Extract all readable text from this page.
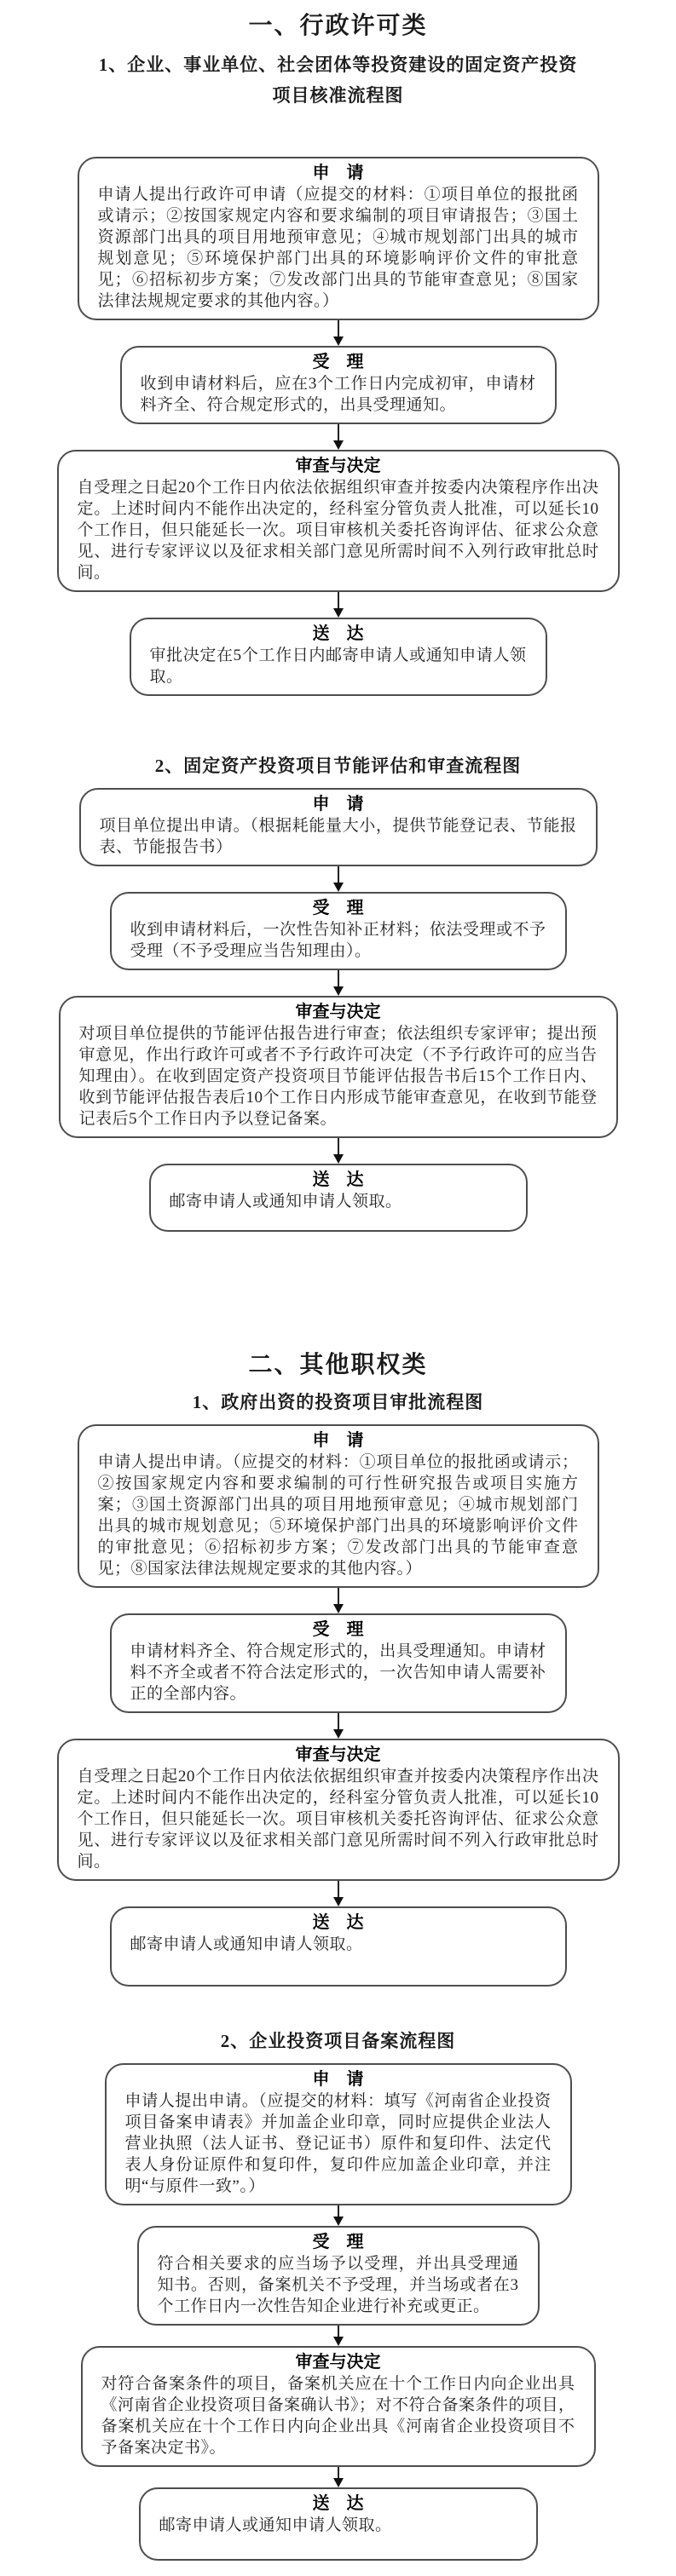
一、行政许可类
1、企业、事业单位、社会团体等投资建设的固定资产投资
项目核准流程图
申　请
申请人提出行政许可申请（应提交的材料：①项目单位的报批函或请示；②按国家规定内容和要求编制的项目审请报告；③国土资源部门出具的项目用地预审意见；④城市规划部门出具的城市规划意见；⑤环境保护部门出具的环境影响评价文件的审批意见；⑥招标初步方案；⑦发改部门出具的节能审查意见；⑧国家法律法规规定要求的其他内容。）
受　理
收到申请材料后，应在3个工作日内完成初审，申请材料齐全、符合规定形式的，出具受理通知。
审查与决定
自受理之日起20个工作日内依法依据组织审查并按委内决策程序作出决定。上述时间内不能作出决定的，经科室分管负责人批准，可以延长10个工作日，但只能延长一次。项目审核机关委托咨询评估、征求公众意见、进行专家评议以及征求相关部门意见所需时间不入列行政审批总时间。
送　达
审批决定在5个工作日内邮寄申请人或通知申请人领取。
2、固定资产投资项目节能评估和审查流程图
申　请
项目单位提出申请。（根据耗能量大小，提供节能登记表、节能报表、节能报告书）
受　理
收到申请材料后，一次性告知补正材料；依法受理或不予受理（不予受理应当告知理由）。
审查与决定
对项目单位提供的节能评估报告进行审查；依法组织专家评审；提出预审意见，作出行政许可或者不予行政许可决定（不予行政许可的应当告知理由）。在收到固定资产投资项目节能评估报告书后15个工作日内、收到节能评估报告表后10个工作日内形成节能审查意见，在收到节能登记表后5个工作日内予以登记备案。
送　达
邮寄申请人或通知申请人领取。
二、其他职权类
1、政府出资的投资项目审批流程图
申　请
申请人提出申请。（应提交的材料：①项目单位的报批函或请示；②按国家规定内容和要求编制的可行性研究报告或项目实施方案；③国土资源部门出具的项目用地预审意见；④城市规划部门出具的城市规划意见；⑤环境保护部门出具的环境影响评价文件的审批意见；⑥招标初步方案；⑦发改部门出具的节能审查意见；⑧国家法律法规规定要求的其他内容。）
受　理
申请材料齐全、符合规定形式的，出具受理通知。申请材料不齐全或者不符合法定形式的，一次告知申请人需要补正的全部内容。
审查与决定
自受理之日起20个工作日内依法依据组织审查并按委内决策程序作出决定。上述时间内不能作出决定的，经科室分管负责人批准，可以延长10个工作日，但只能延长一次。项目审核机关委托咨询评估、征求公众意见、进行专家评议以及征求相关部门意见所需时间不列入行政审批总时间。
送　达
邮寄申请人或通知申请人领取。
2、企业投资项目备案流程图
申　请
申请人提出申请。（应提交的材料：填写《河南省企业投资项目备案申请表》并加盖企业印章，同时应提供企业法人营业执照（法人证书、登记证书）原件和复印件、法定代表人身份证原件和复印件，复印件应加盖企业印章，并注明“与原件一致”。）
受　理
符合相关要求的应当场予以受理，并出具受理通知书。否则，备案机关不予受理，并当场或者在3个工作日内一次性告知企业进行补充或更正。
审查与决定
对符合备案条件的项目，备案机关应在十个工作日内向企业出具《河南省企业投资项目备案确认书》；对不符合备案条件的项目，备案机关应在十个工作日内向企业出具《河南省企业投资项目不予备案决定书》。
送　达
邮寄申请人或通知申请人领取。
